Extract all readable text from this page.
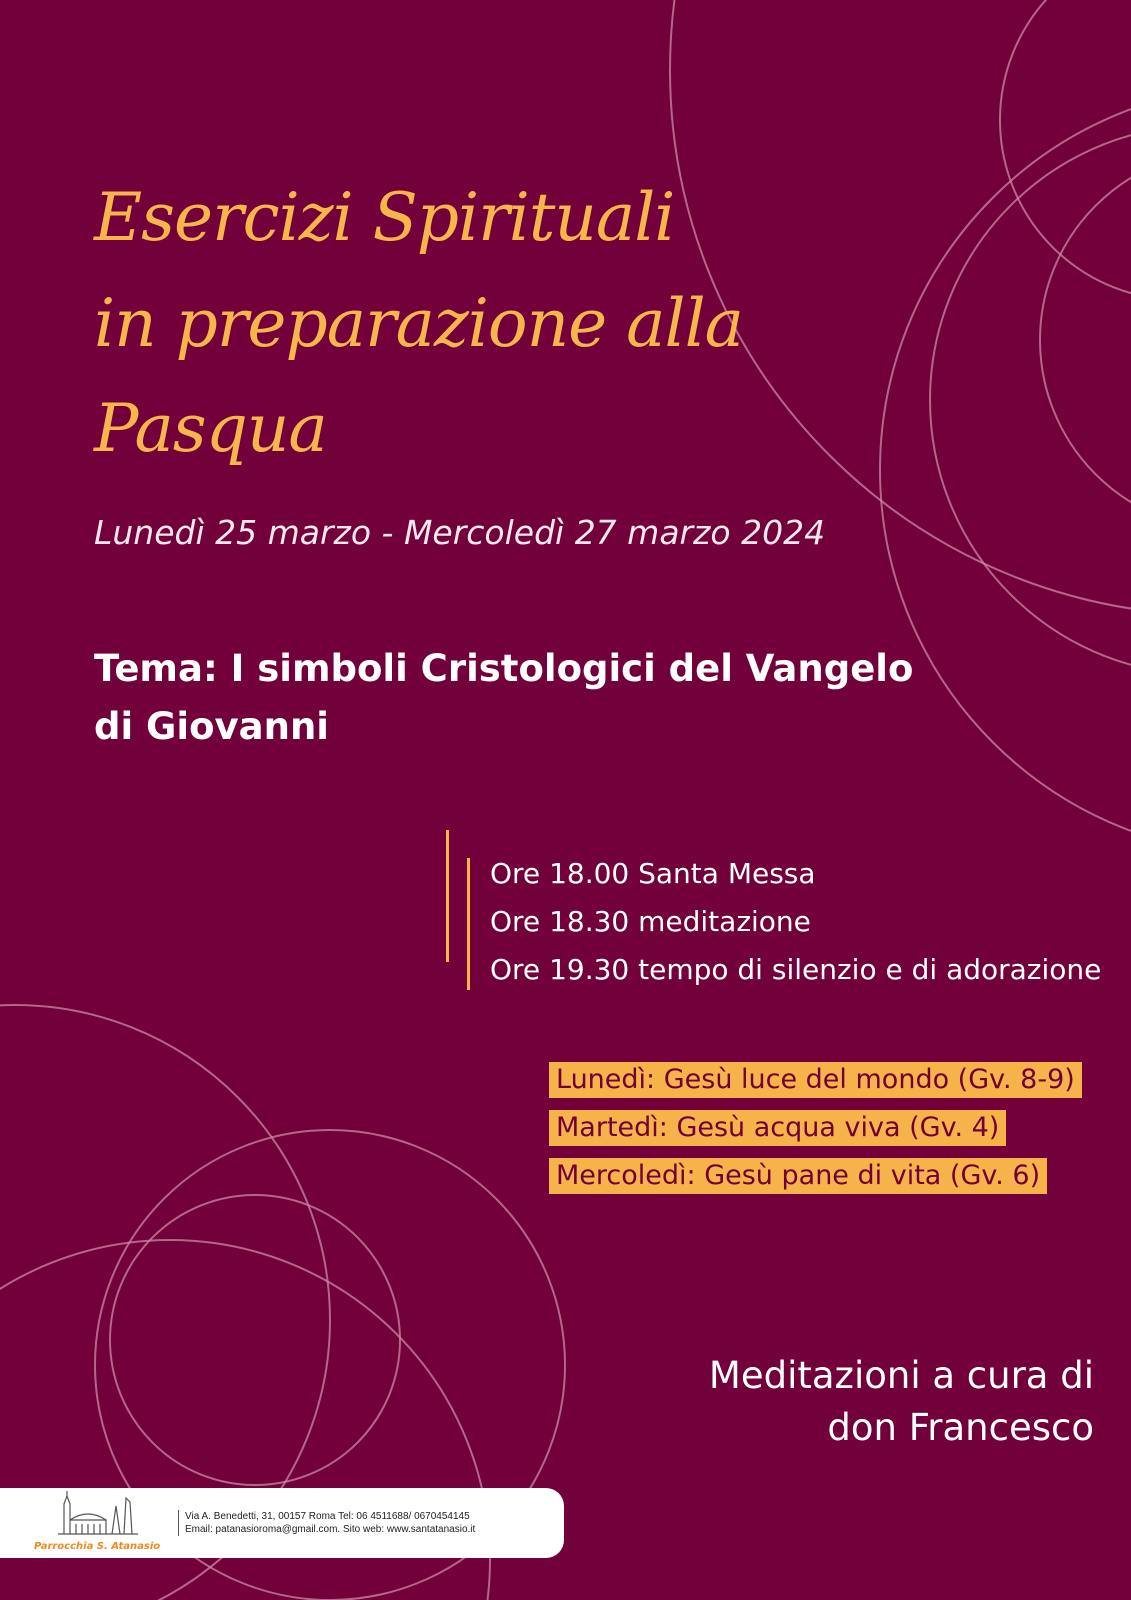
Esercizi Spirituali
in preparazione alla
Pasqua

Lunedì 25 marzo - Mercoledì 27 marzo 2024

Tema: I simboli Cristologici del Vangelo
di Giovanni
Ore 18.00 Santa Messa
Ore 18.30 meditazione
Ore 19.30 tempo di silenzio e di adorazione
Lunedì: Gesù luce del mondo (Gv. 8-9)
Martedì: Gesù acqua viva (Gv. 4)
Mercoledì: Gesù pane di vita (Gv. 6)

Meditazioni a cura di
don Francesco

Parrocchia S. Atanasio
Via A. Benedetti, 31, 00157 Roma Tel: 06 4511688/ 0670454145
Email: patanasioroma@gmail.com. Sito web: www.santatanasio.it
